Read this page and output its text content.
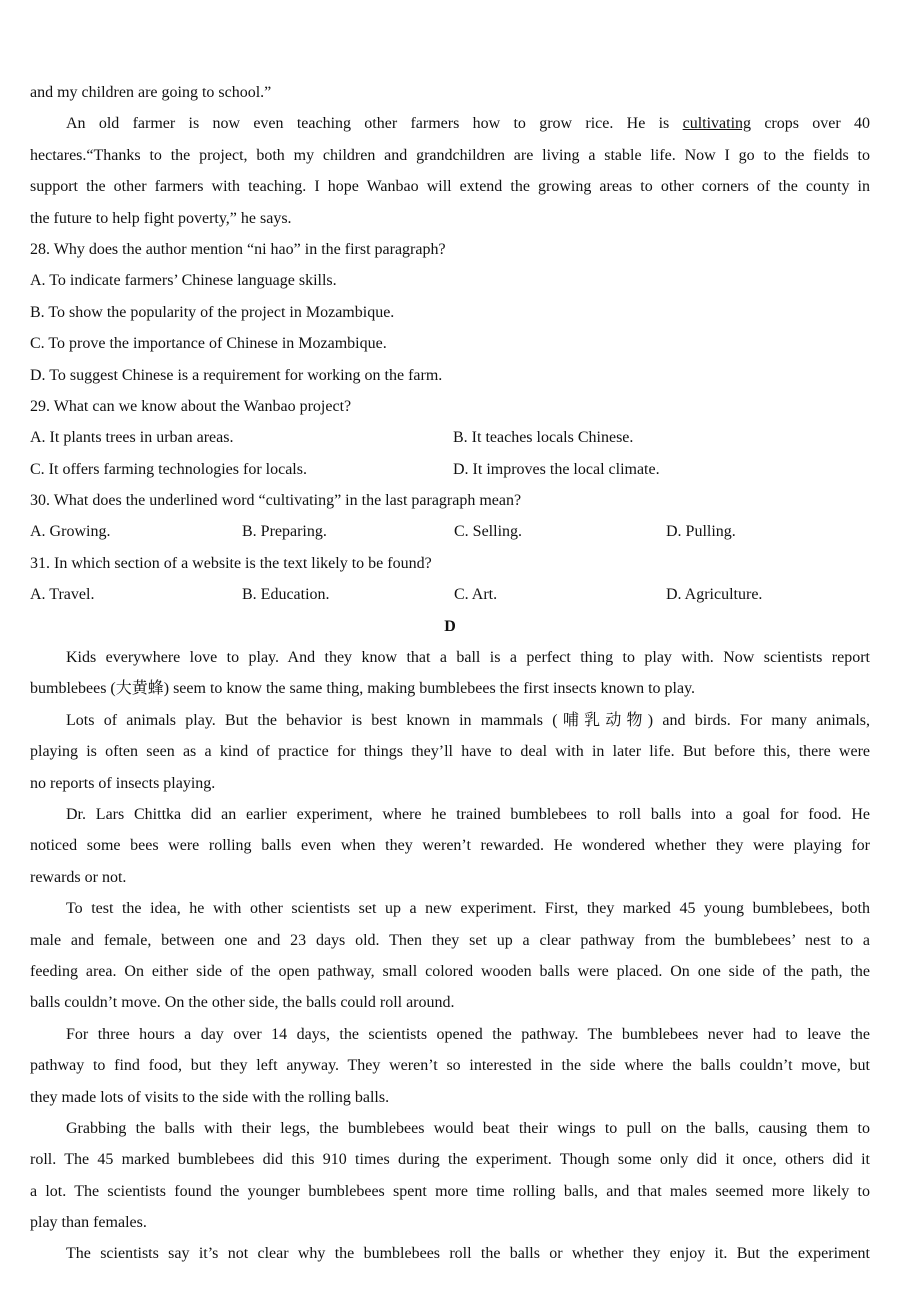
and my children are going to school.”
An old farmer is now even teaching other farmers how to grow rice. He is cultivating crops over 40
hectares.“Thanks to the project, both my children and grandchildren are living a stable life. Now I go to the fields to
support the other farmers with teaching. I hope Wanbao will extend the growing areas to other corners of the county in
the future to help fight poverty,” he says.
28. Why does the author mention “ni hao” in the first paragraph?
A. To indicate farmers’ Chinese language skills.
B. To show the popularity of the project in Mozambique.
C. To prove the importance of Chinese in Mozambique.
D. To suggest Chinese is a requirement for working on the farm.
29. What can we know about the Wanbao project?
A. It plants trees in urban areas.	B. It teaches locals Chinese.
C. It offers farming technologies for locals.	D. It improves the local climate.
30. What does the underlined word “cultivating” in the last paragraph mean?
A. Growing.	B. Preparing.	C. Selling.	D. Pulling.
31. In which section of a website is the text likely to be found?
A. Travel.	B. Education.	C. Art.	D. Agriculture.
D
Kids everywhere love to play. And they know that a ball is a perfect thing to play with. Now scientists report
bumblebees (大黄蜂) seem to know the same thing, making bumblebees the first insects known to play.
Lots of animals play. But the behavior is best known in mammals (哺乳动物) and birds. For many animals,
playing is often seen as a kind of practice for things they’ll have to deal with in later life. But before this, there were
no reports of insects playing.
Dr. Lars Chittka did an earlier experiment, where he trained bumblebees to roll balls into a goal for food. He
noticed some bees were rolling balls even when they weren’t rewarded. He wondered whether they were playing for
rewards or not.
To test the idea, he with other scientists set up a new experiment. First, they marked 45 young bumblebees, both
male and female, between one and 23 days old. Then they set up a clear pathway from the bumblebees’ nest to a
feeding area. On either side of the open pathway, small colored wooden balls were placed. On one side of the path, the
balls couldn’t move. On the other side, the balls could roll around.
For three hours a day over 14 days, the scientists opened the pathway. The bumblebees never had to leave the
pathway to find food, but they left anyway. They weren’t so interested in the side where the balls couldn’t move, but
they made lots of visits to the side with the rolling balls.
Grabbing the balls with their legs, the bumblebees would beat their wings to pull on the balls, causing them to
roll. The 45 marked bumblebees did this 910 times during the experiment. Though some only did it once, others did it
a lot. The scientists found the younger bumblebees spent more time rolling balls, and that males seemed more likely to
play than females.
The scientists say it’s not clear why the bumblebees roll the balls or whether they enjoy it. But the experiment
